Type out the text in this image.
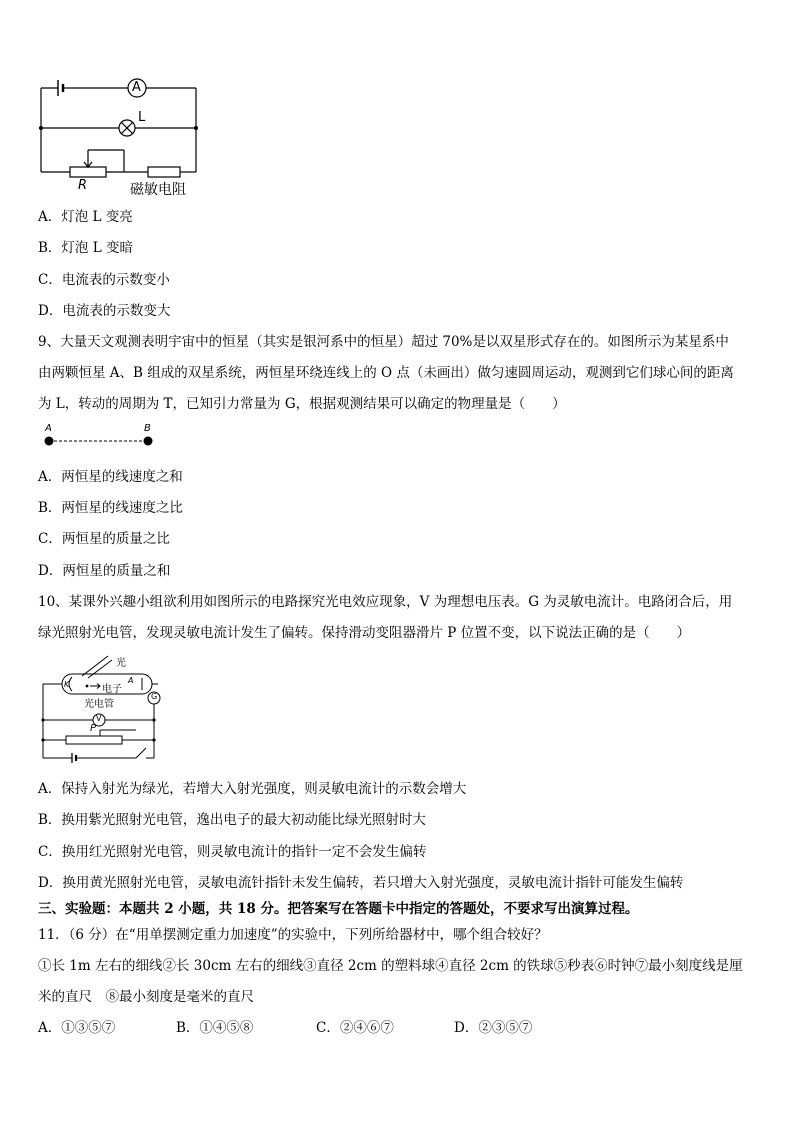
A
L
R	磁敏电阻
A．灯泡 L 变亮
B．灯泡 L 变暗
C．电流表的示数变小
D．电流表的示数变大
9、大量天文观测表明宇宙中的恒星（其实是银河系中的恒星）超过 70%是以双星形式存在的。如图所示为某星系中
由两颗恒星 A、B 组成的双星系统，两恒星环绕连线上的 O 点（未画出）做匀速圆周运动，观测到它们球心间的距离
为 L，转动的周期为 T，已知引力常量为 G，根据观测结果可以确定的物理量是（　　）
A	B
A．两恒星的线速度之和
B．两恒星的线速度之比
C．两恒星的质量之比
D．两恒星的质量之和
10、某课外兴趣小组欲利用如图所示的电路探究光电效应现象，V 为理想电压表。G 为灵敏电流计。电路闭合后，用
绿光照射光电管，发现灵敏电流计发生了偏转。保持滑动变阻器滑片 P 位置不变，以下说法正确的是（　　）
光
K	电子
A
光电管
G
V
P
A．保持入射光为绿光，若增大入射光强度，则灵敏电流计的示数会增大
B．换用紫光照射光电管，逸出电子的最大初动能比绿光照射时大
C．换用红光照射光电管，则灵敏电流计的指针一定不会发生偏转
D．换用黄光照射光电管，灵敏电流针指针未发生偏转，若只增大入射光强度，灵敏电流计指针可能发生偏转
三、实验题：本题共 2 小题，共 18 分。把答案写在答题卡中指定的答题处，不要求写出演算过程。
11．（6 分）在“用单摆测定重力加速度”的实验中，下列所给器材中，哪个组合较好？
①长 1m 左右的细线②长 30cm 左右的细线③直径 2cm 的塑料球④直径 2cm 的铁球⑤秒表⑥时钟⑦最小刻度线是厘
米的直尺　⑧最小刻度是毫米的直尺
A．①③⑤⑦	B．①④⑤⑧	C．②④⑥⑦	D．②③⑤⑦
